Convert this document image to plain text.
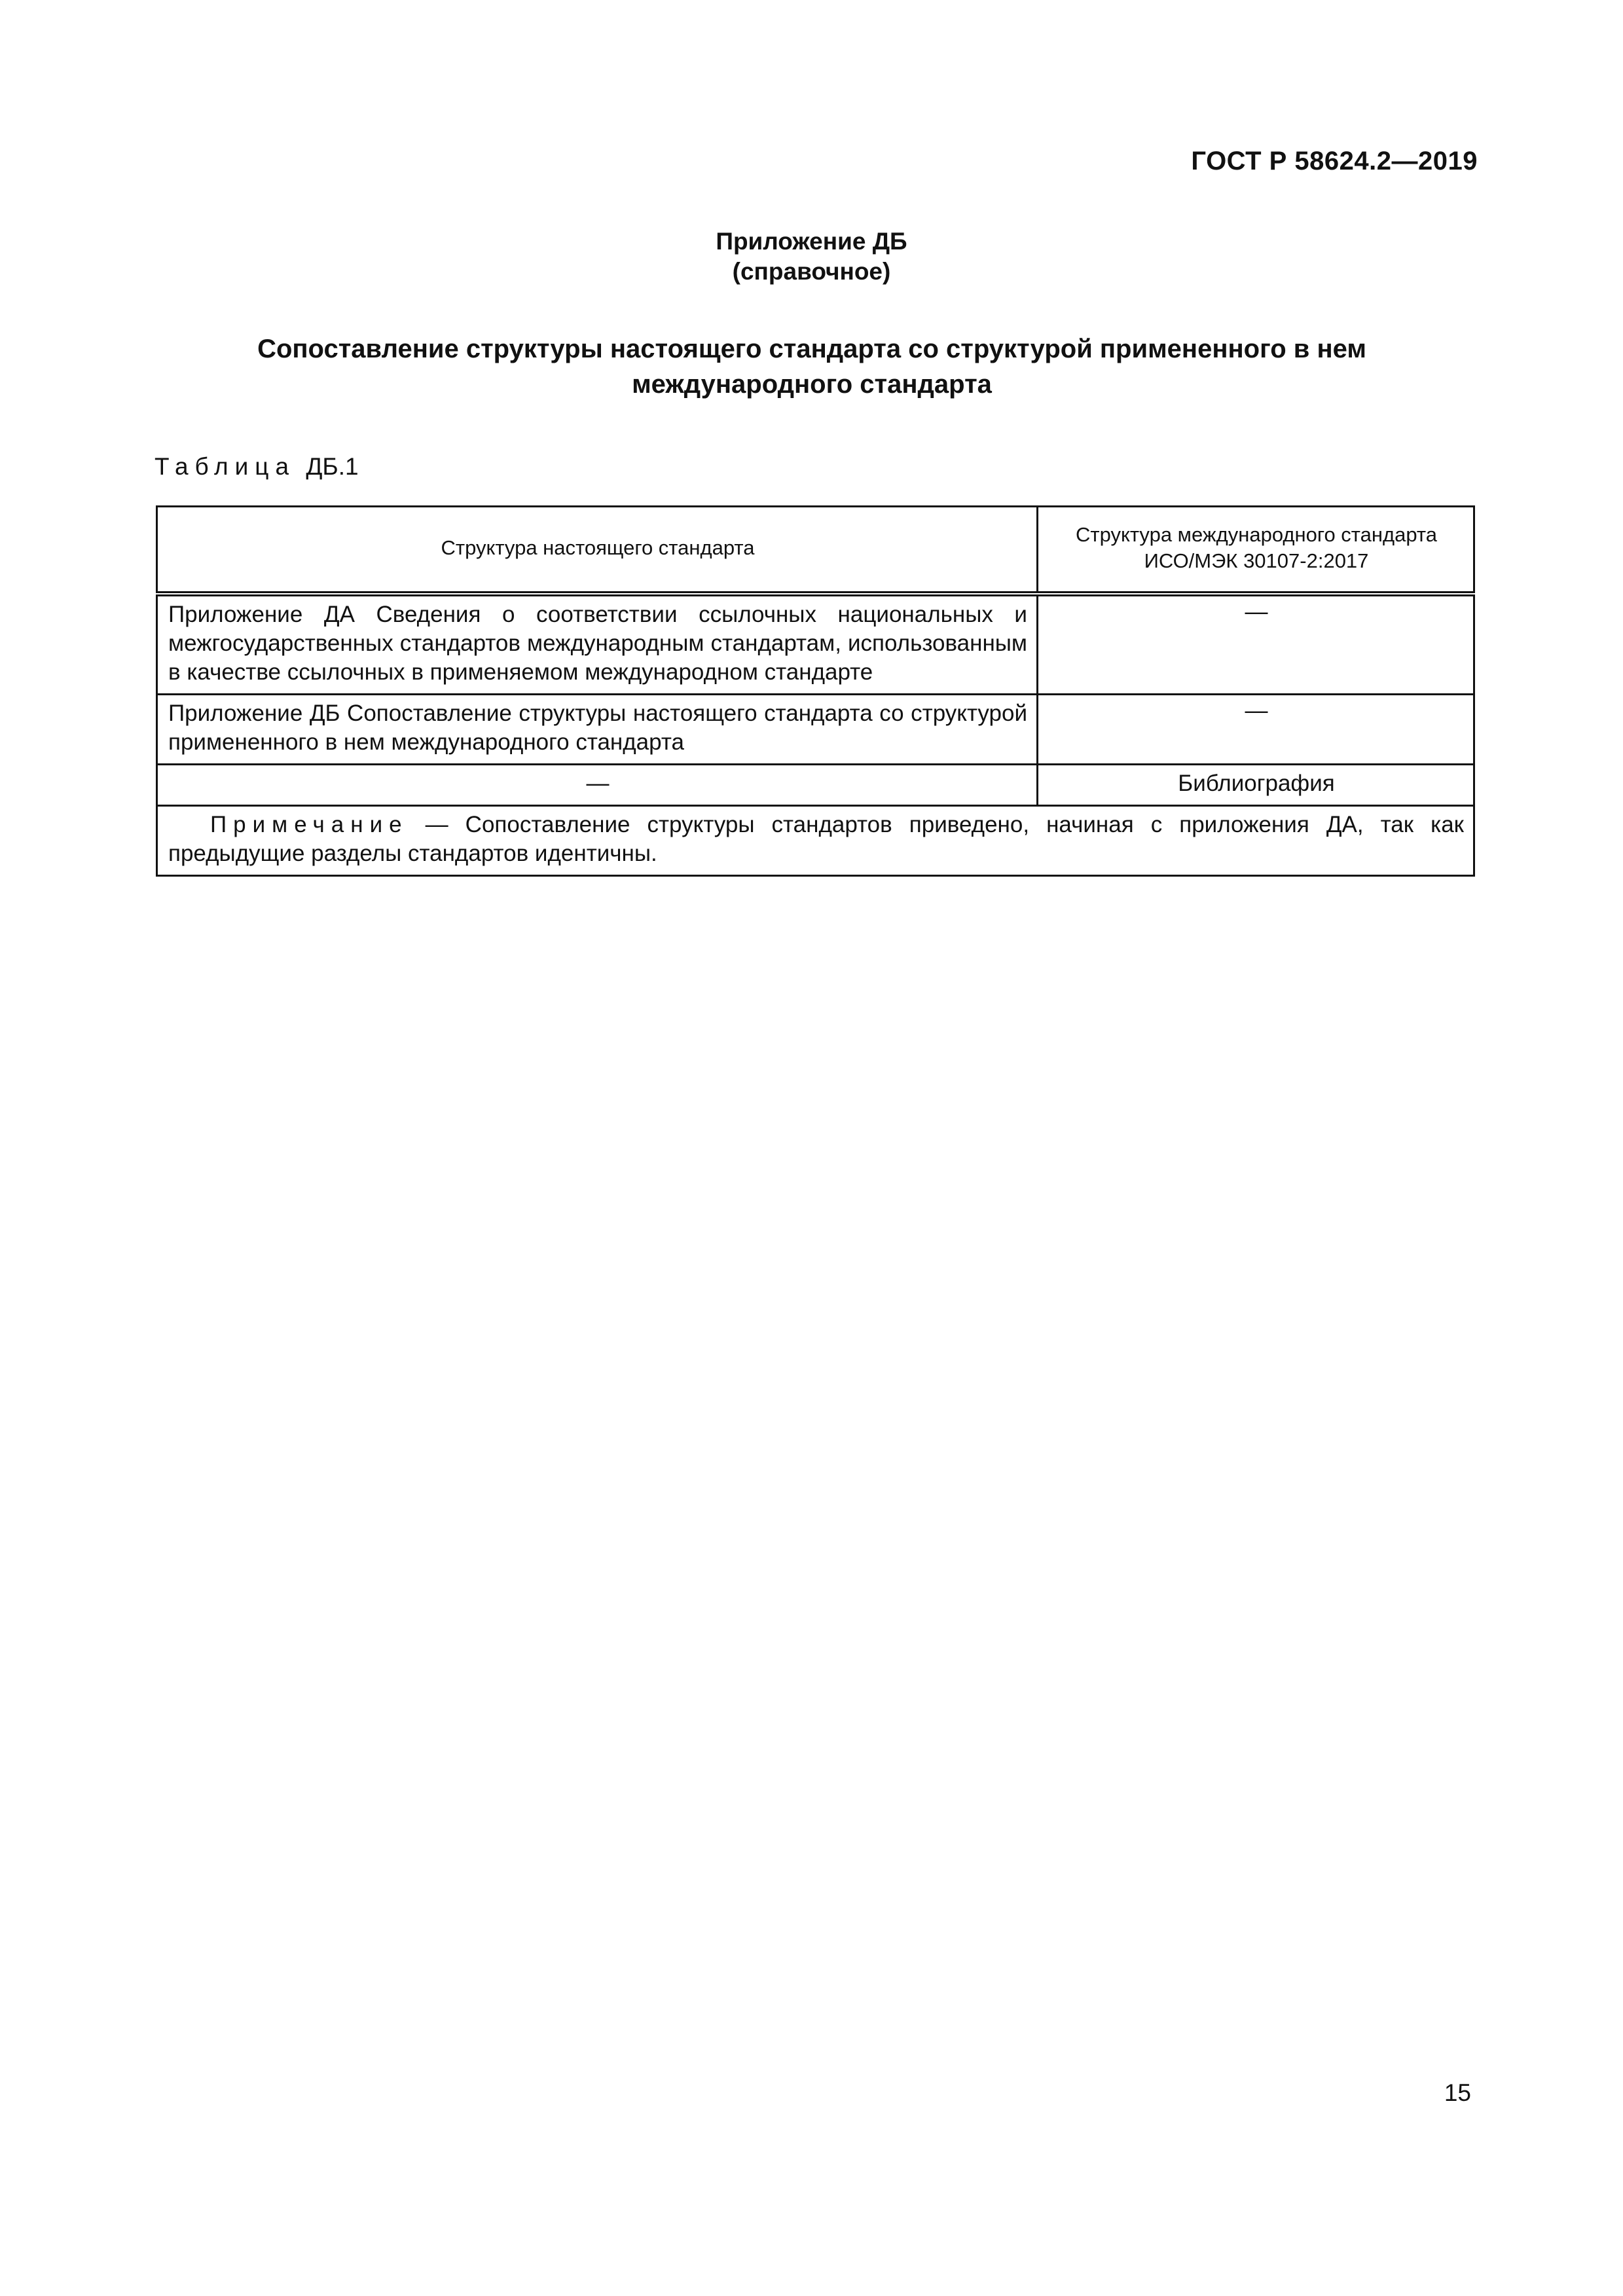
ГОСТ Р 58624.2—2019
Приложение ДБ
(справочное)
Сопоставление структуры настоящего стандарта со структурой примененного в нем
международного стандарта
Таблица ДБ.1
Структура настоящего стандарта	Структура международного стандарта
ИСО/МЭК 30107-2:2017

Приложение ДА Сведения о соответствии ссылочных национальных и межгосударственных стандартов международным стандартам, использованным в качестве ссылочных в применяемом международном стандарте	—
Приложение ДБ Сопоставление структуры настоящего стандарта со структурой примененного в нем международного стандарта	—
—	Библиография

Примечание — Сопоставление структуры стандартов приведено, начиная с приложения ДА, так как предыдущие разделы стандартов идентичны.	
15
